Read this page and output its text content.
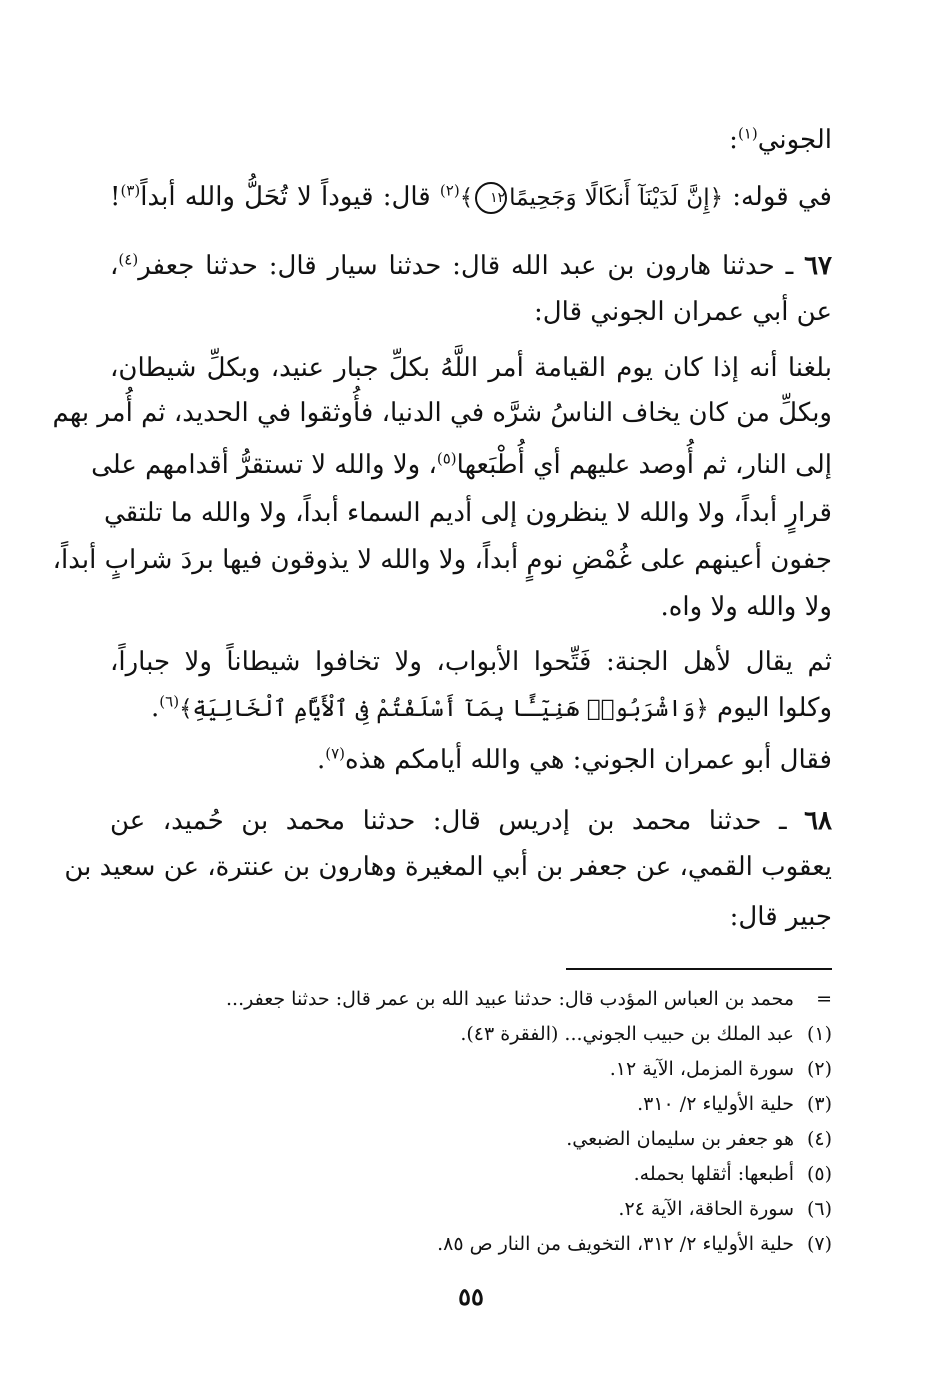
الجوني$^{(١)}$:
في قوله: ﴿إِنَّ لَدَيْنَآ أَنكَالًا وَجَحِيمًا١٢﴾$^{(٢)}$ قال: قيوداً لا تُحَلُّ والله أبداً$^{(٣)}$!
٦٧ ـ حدثنا هارون بن عبد الله قال: حدثنا سيار قال: حدثنا جعفر$^{(٤)}$،
عن أبي عمران الجوني قال:
بلغنا أنه إذا كان يوم القيامة أمر اللَّهُ بكلِّ جبار عنيد، وبكلِّ شيطان،
وبكلِّ من كان يخاف الناسُ شرَّه في الدنيا، فأُوثقوا في الحديد، ثم أُمر بهم
إلى النار، ثم أُوصد عليهم أي أُطْبَعها$^{(٥)}$، ولا والله لا تستقرُّ أقدامهم على
قرارٍ أبداً، ولا والله لا ينظرون إلى أديم السماء أبداً، ولا والله ما تلتقي
جفون أعينهم على غُمْضِ نومٍ أبداً، ولا والله لا يذوقون فيها بردَ شرابٍ أبداً،
ولا والله ولا واه.
ثم يقال لأهل الجنة: فَتِّحوا الأبواب، ولا تخافوا شيطاناً ولا جباراً،
وكلوا اليوم ﴿وَاشْرَبُوا۟ هَنِيٓـًٔا بِمَآ أَسْلَفْتُمْ فِى ٱلْأَيَّامِ ٱلْخَالِيَةِ﴾$^{(٦)}$.
فقال أبو عمران الجوني: هي والله أيامكم هذه$^{(٧)}$.
٦٨ ـ حدثنا محمد بن إدريس قال: حدثنا محمد بن حُميد، عن
يعقوب القمي، عن جعفر بن أبي المغيرة وهارون بن عنترة، عن سعيد بن
جبير قال:
=محمد بن العباس المؤدب قال: حدثنا عبيد الله بن عمر قال: حدثنا جعفر...
(١)عبد الملك بن حبيب الجوني... (الفقرة ٤٣).
(٢)سورة المزمل، الآية ١٢.
(٣)حلية الأولياء ٢/ ٣١٠.
(٤)هو جعفر بن سليمان الضبعي.
(٥)أطبعها: أثقلها بحمله.
(٦)سورة الحاقة، الآية ٢٤.
(٧)حلية الأولياء ٢/ ٣١٢، التخويف من النار ص ٨٥.
٥٥
